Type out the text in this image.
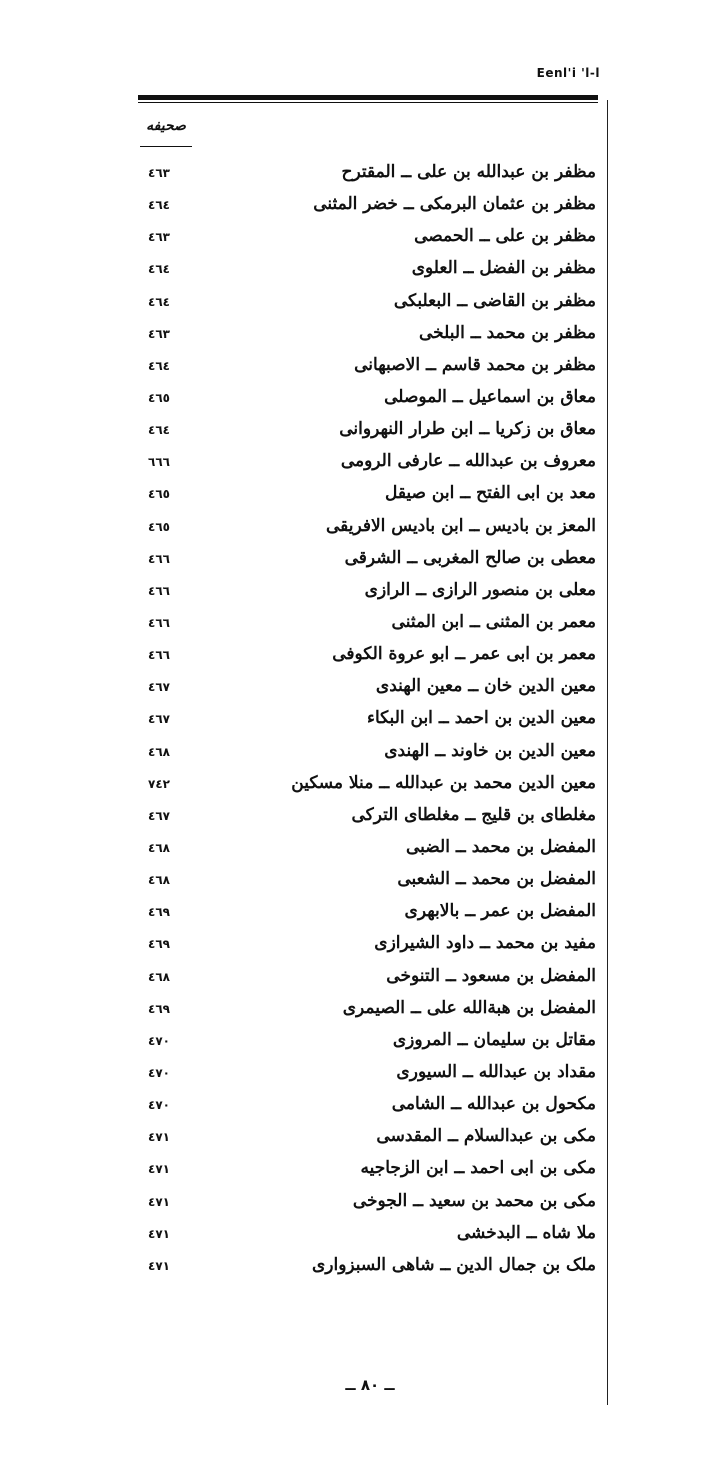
Eenl'i 'l-l
صحيفه
مظفر بن عبدالله بن علی ــ المقترح
٤٦٣
مظفر بن عثمان البرمکی ــ خضر المثنی
٤٦٤
مظفر بن علی ــ الحمصی
٤٦٣
مظفر بن الفضل ــ العلوی
٤٦٤
مظفر بن القاضی ــ البعلبکی
٤٦٤
مظفر بن محمد ــ البلخی
٤٦٣
مظفر بن محمد قاسم ــ الاصبهانی
٤٦٤
معاق بن اسماعیل ــ الموصلی
٤٦٥
معاق بن زکریا ــ ابن طرار النهروانی
٤٦٤
معروف بن عبدالله ــ عارفی الرومی
٦٦٦
معد بن ابی الفتح ــ ابن صیقل
٤٦٥
المعز بن بادیس ــ ابن بادیس الافریقی
٤٦٥
معطی بن صالح المغربی ــ الشرقی
٤٦٦
معلی بن منصور الرازی ــ الرازی
٤٦٦
معمر بن المثنی ــ ابن المثنی
٤٦٦
معمر بن ابی عمر ــ ابو عروة الکوفی
٤٦٦
معین الدین خان ــ معین الهندی
٤٦٧
معین الدین بن احمد ــ ابن البکاء
٤٦٧
معین الدین بن خاوند ــ الهندی
٤٦٨
معین الدین محمد بن عبدالله ــ منلا مسکین
٧٤٢
مغلطای بن قلیج ــ مغلطای الترکی
٤٦٧
المفضل بن محمد ــ الضبی
٤٦٨
المفضل بن محمد ــ الشعبی
٤٦٨
المفضل بن عمر ــ بالابهری
٤٦٩
مفید بن محمد ــ داود الشیرازی
٤٦٩
المفضل بن مسعود ــ التنوخی
٤٦٨
المفضل بن هبةالله علی ــ الصیمری
٤٦٩
مقاتل بن سلیمان ــ المروزی
٤٧٠
مقداد بن عبدالله ــ السیوری
٤٧٠
مکحول بن عبدالله ــ الشامی
٤٧٠
مکی بن عبدالسلام ــ المقدسی
٤٧١
مکی بن ابی احمد ــ ابن الزجاجیه
٤٧١
مکی بن محمد بن سعید ــ الجوخی
٤٧١
ملا شاه ــ البدخشی
٤٧١
ملک بن جمال الدین ــ شاهی السبزواری
٤٧١
ــ ٨٠ ــ
